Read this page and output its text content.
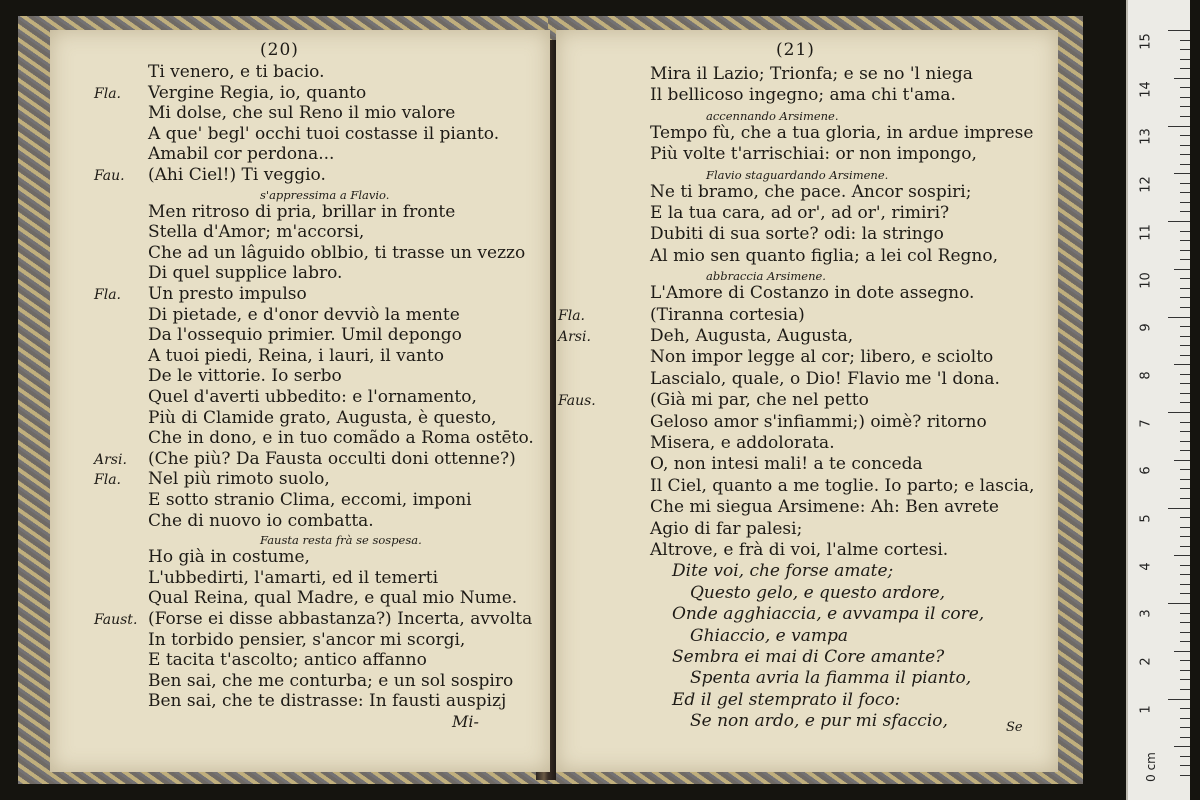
(20)
Ti venero, e ti bacio.
Fla. Vergine Regia, io, quanto
Mi dolse, che sul Reno il mio valore
A que' begl' occhi tuoi costasse il pianto.
Amabil cor perdona...
Fau. (Ahi Ciel!) Ti veggio.
s'appressima a Flavio.
Men ritroso di pria, brillar in fronte
Stella d'Amor; m'accorsi,
Che ad un lâguido oblbio, ti trasse un vezzo
Di quel supplice labro.
Fla. Un presto impulso
Di pietade, e d'onor devviò la mente
Da l'ossequio primier. Umil depongo
A tuoi piedi, Reina, i lauri, il vanto
De le vittorie. Io serbo
Quel d'averti ubbedito: e l'ornamento,
Più di Clamide grato, Augusta, è questo,
Che in dono, e in tuo comãdo a Roma ostēto.
Arsi. (Che più? Da Fausta occulti doni ottenne?)
Fla. Nel più rimoto suolo,
E sotto stranio Clima, eccomi, imponi
Che di nuovo io combatta.
Fausta resta frà se sospesa.
Ho già in costume,
L'ubbedirti, l'amarti, ed il temerti
Qual Reina, qual Madre, e qual mio Nume.
Faust. (Forse ei disse abbastanza?) Incerta, avvolta
In torbido pensier, s'ancor mi scorgi,
E tacita t'ascolto; antico affanno
Ben sai, che me conturba; e un sol sospiro
Ben sai, che te distrasse: In fausti auspizj
Mi-
(21)
Mira il Lazio; Trionfa; e se no 'l niega
Il bellicoso ingegno; ama chi t'ama.
accennando Arsimene.
Tempo fù, che a tua gloria, in ardue imprese
Più volte t'arrischiai: or non impongo,
Flavio staguardando Arsimene.
Ne ti bramo, che pace. Ancor sospiri;
E la tua cara, ad or', ad or', rimiri?
Dubiti di sua sorte? odi: la stringo
Al mio sen quanto figlia; a lei col Regno,
abbraccia Arsimene.
L'Amore di Costanzo in dote assegno.
Fla.	(Tiranna cortesia)
Arsi.	Deh, Augusta, Augusta,
Non impor legge al cor; libero, e sciolto
Lascialo, quale, o Dio! Flavio me 'l dona.
Faus.	(Già mi par, che nel petto
Geloso amor s'infiammi;) oimè? ritorno
Misera, e addolorata.
O, non intesi mali! a te conceda
Il Ciel, quanto a me toglie. Io parto; e lascia,
Che mi siegua Arsimene: Ah: Ben avrete
Agio di far palesi;
Altrove, e frà di voi, l'alme cortesi.
Dite voi, che forse amate;
Questo gelo, e questo ardore,
Onde agghiaccia, e avvampa il core,
Ghiaccio, e vampa
Sembra ei mai di Core amante?
Spenta avria la fiamma il pianto,
Ed il gel stemprato il foco:
Se non ardo, e pur mi sfaccio,	Se
0 cm
15
14
13
12
11
10
9
8
7
6
5
4
3
2
1
